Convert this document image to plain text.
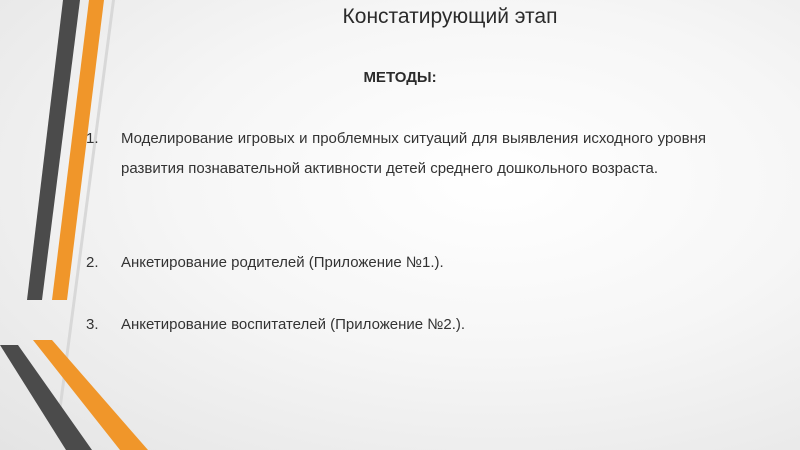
Констатирующий этап
МЕТОДЫ:
1. Моделирование игровых и проблемных ситуаций для выявления исходного уровня развития познавательной активности детей среднего дошкольного возраста.
2. Анкетирование родителей (Приложение №1.).
3. Анкетирование воспитателей (Приложение №2.).
